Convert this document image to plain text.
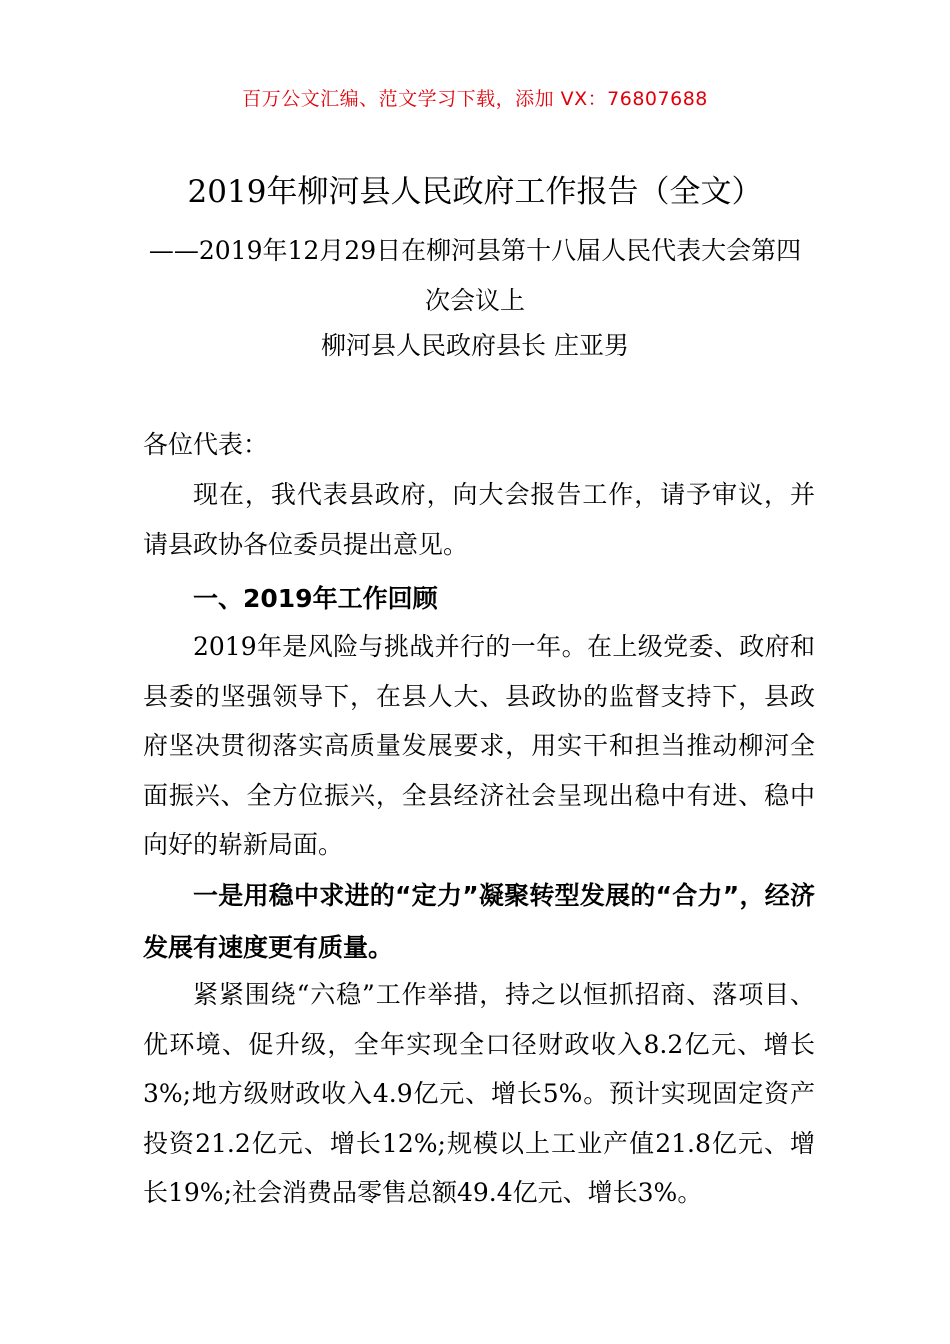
百万公文汇编、范文学习下载，添加 VX：76807688
2019年柳河县人民政府工作报告（全文）
——2019年12月29日在柳河县第十八届人民代表大会第四次会议上
柳河县人民政府县长 庄亚男
各位代表：
现在，我代表县政府，向大会报告工作，请予审议，并请县政协各位委员提出意见。
一、2019年工作回顾
2019年是风险与挑战并行的一年。在上级党委、政府和县委的坚强领导下，在县人大、县政协的监督支持下，县政府坚决贯彻落实高质量发展要求，用实干和担当推动柳河全面振兴、全方位振兴，全县经济社会呈现出稳中有进、稳中向好的崭新局面。
一是用稳中求进的“定力”凝聚转型发展的“合力”，经济发展有速度更有质量。
紧紧围绕“六稳”工作举措，持之以恒抓招商、落项目、优环境、促升级，全年实现全口径财政收入8.2亿元、增长3%;地方级财政收入4.9亿元、增长5%。预计实现固定资产投资21.2亿元、增长12%;规模以上工业产值21.8亿元、增长19%;社会消费品零售总额49.4亿元、增长3%。
